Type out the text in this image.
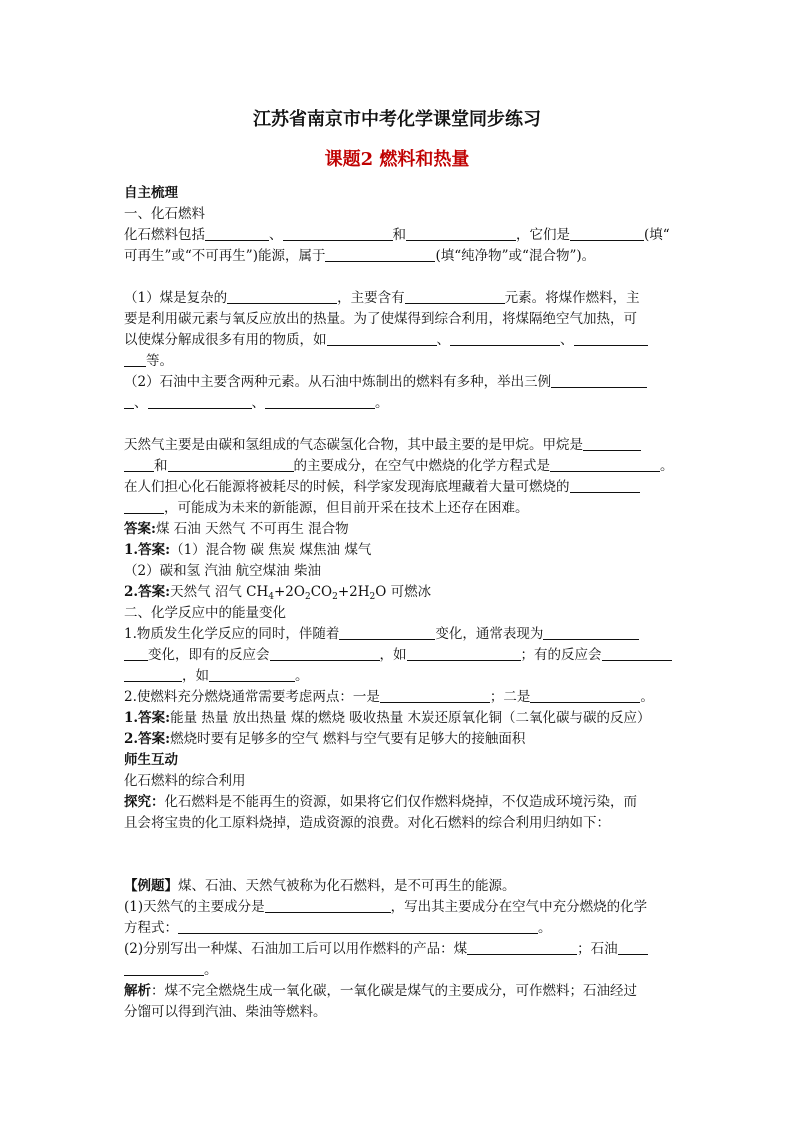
江苏省南京市中考化学课堂同步练习
课题2 燃料和热量
自主梳理
一、化石燃料
化石燃料包括	、	和	，它们是	(填“
可再生”或“不可再生”)能源，属于	(填“纯净物”或“混合物”)。
（1）煤是复杂的	，主要含有	元素。将煤作燃料，主
要是利用碳元素与氧反应放出的热量。为了使煤得到综合利用，将煤隔绝空气加热，可
以使煤分解成很多有用的物质，如	、	、
等。
（2）石油中主要含两种元素。从石油中炼制出的燃料有多种，举出三例
、	、	。
天然气主要是由碳和氢组成的气态碳氢化合物，其中最主要的是甲烷。甲烷是
和	的主要成分，在空气中燃烧的化学方程式是	。
在人们担心化石能源将被耗尽的时候，科学家发现海底埋藏着大量可燃烧的
，可能成为未来的新能源，但目前开采在技术上还存在困难。
答案:煤 石油 天然气 不可再生 混合物
1.答案:（1）混合物 碳 焦炭 煤焦油 煤气
（2）碳和氢 汽油 航空煤油 柴油
2.答案:天然气 沼气 $CH_4+2O_2CO_2+2H_2O$ 可燃冰
二、化学反应中的能量变化
1.物质发生化学反应的同时，伴随着	变化，通常表现为
变化，即有的反应会	，如	；有的反应会
，如	。
2.使燃料充分燃烧通常需要考虑两点：一是	；二是	。
1.答案:能量 热量 放出热量 煤的燃烧 吸收热量 木炭还原氧化铜（二氧化碳与碳的反应）
2.答案:燃烧时要有足够多的空气 燃料与空气要有足够大的接触面积
师生互动
化石燃料的综合利用
探究：化石燃料是不能再生的资源，如果将它们仅作燃料烧掉，不仅造成环境污染，而
且会将宝贵的化工原料烧掉，造成资源的浪费。对化石燃料的综合利用归纳如下：
【例题】煤、石油、天然气被称为化石燃料，是不可再生的能源。
(1)天然气的主要成分是	，写出其主要成分在空气中充分燃烧的化学
方程式：	。
(2)分别写出一种煤、石油加工后可以用作燃料的产品：煤	；石油
。
解析：煤不完全燃烧生成一氧化碳，一氧化碳是煤气的主要成分，可作燃料；石油经过
分馏可以得到汽油、柴油等燃料。
